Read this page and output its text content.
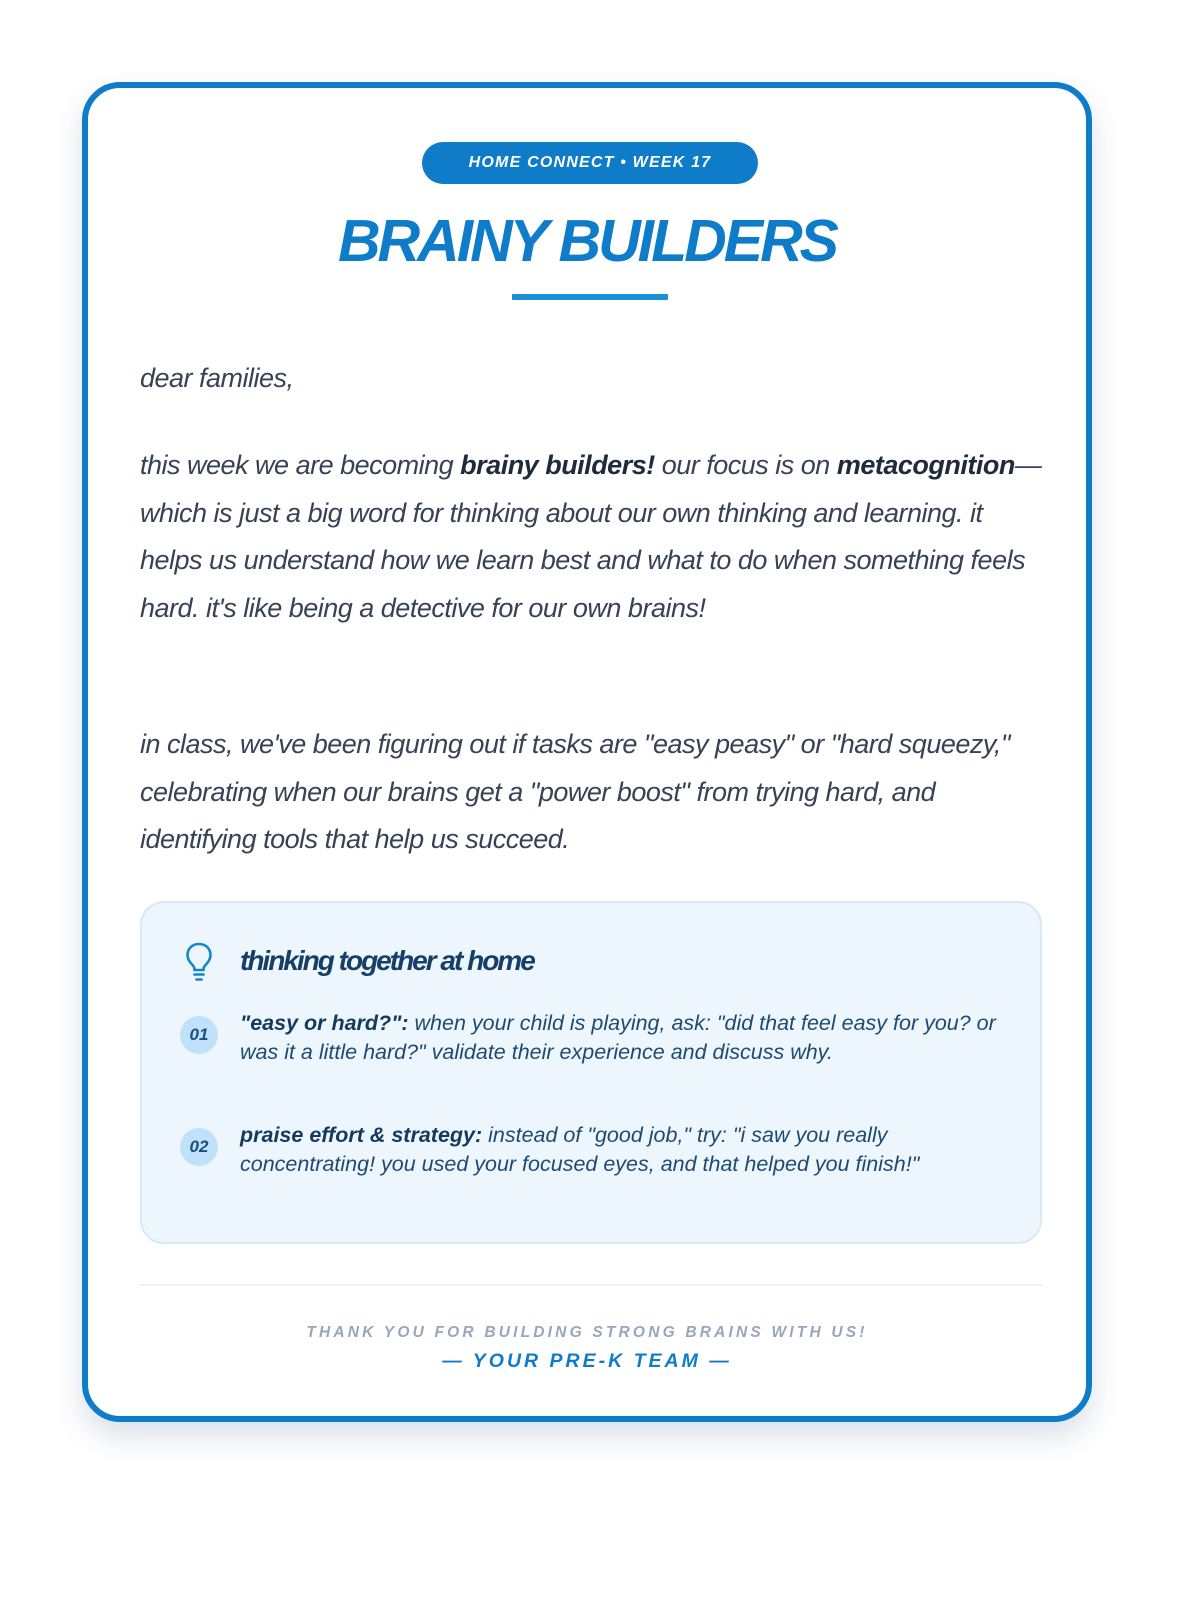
HOME CONNECT • WEEK 17
BRAINY BUILDERS

dear families,

this week we are becoming brainy builders! our focus is on metacognition—which is just a big word for thinking about our own thinking and learning. it helps us understand how we learn best and what to do when something feels hard. it's like being a detective for our own brains!

in class, we've been figuring out if tasks are "easy peasy" or "hard squeezy," celebrating when our brains get a "power boost" from trying hard, and identifying tools that help us succeed.

thinking together at home
01	"easy or hard?": when your child is playing, ask: "did that feel easy for you? or was it a little hard?" validate their experience and discuss why.

02	praise effort & strategy: instead of "good job," try: "i saw you really concentrating! you used your focused eyes, and that helped you finish!"

THANK YOU FOR BUILDING STRONG BRAINS WITH US!

— YOUR PRE-K TEAM —
